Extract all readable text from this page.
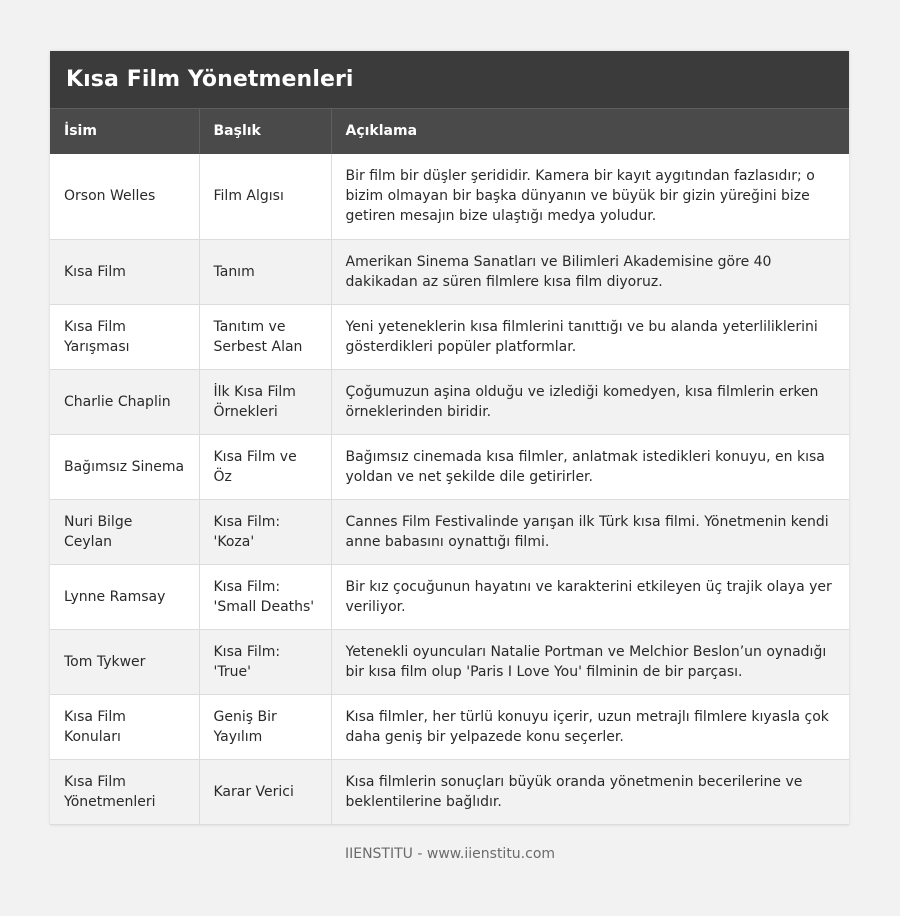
Kısa Film Yönetmenleri
İsim	Başlık	Açıklama
Orson Welles	Film Algısı	Bir film bir düşler şerididir. Kamera bir kayıt aygıtından fazlasıdır; o bizim olmayan bir başka dünyanın ve büyük bir gizin yüreğini bize getiren mesajın bize ulaştığı medya yoludur.
Kısa Film	Tanım	Amerikan Sinema Sanatları ve Bilimleri Akademisine göre 40 dakikadan az süren filmlere kısa film diyoruz.
Kısa Film Yarışması	Tanıtım ve Serbest Alan	Yeni yeteneklerin kısa filmlerini tanıttığı ve bu alanda yeterliliklerini gösterdikleri popüler platformlar.
Charlie Chaplin	İlk Kısa Film Örnekleri	Çoğumuzun aşina olduğu ve izlediği komedyen, kısa filmlerin erken örneklerinden biridir.
Bağımsız Sinema	Kısa Film ve Öz	Bağımsız cinemada kısa filmler, anlatmak istedikleri konuyu, en kısa yoldan ve net şekilde dile getirirler.
Nuri Bilge Ceylan	Kısa Film: 'Koza'	Cannes Film Festivalinde yarışan ilk Türk kısa filmi. Yönetmenin kendi anne babasını oynattığı filmi.
Lynne Ramsay	Kısa Film: 'Small Deaths'	Bir kız çocuğunun hayatını ve karakterini etkileyen üç trajik olaya yer veriliyor.
Tom Tykwer	Kısa Film: 'True'	Yetenekli oyuncuları Natalie Portman ve Melchior Beslon’un oynadığı bir kısa film olup 'Paris I Love You' filminin de bir parçası.
Kısa Film Konuları	Geniş Bir Yayılım	Kısa filmler, her türlü konuyu içerir, uzun metrajlı filmlere kıyasla çok daha geniş bir yelpazede konu seçerler.
Kısa Film Yönetmenleri	Karar Verici	Kısa filmlerin sonuçları büyük oranda yönetmenin becerilerine ve beklentilerine bağlıdır.
IIENSTITU - www.iienstitu.com
